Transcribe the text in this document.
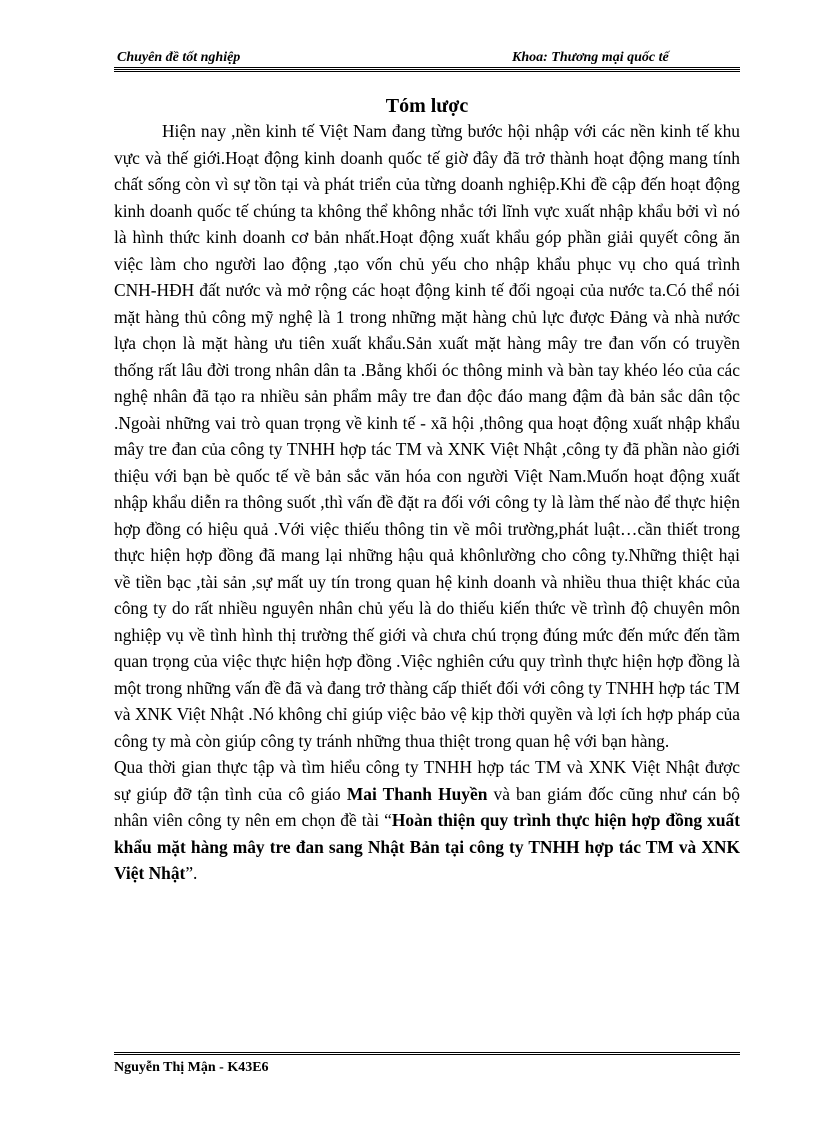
Chuyên đề tốt nghiệp	Khoa: Thương mại quốc tế
Tóm lược

Hiện nay ,nền kinh tế Việt Nam đang từng bước hội nhập với các nền kinh tế khu vực và thế giới.Hoạt động kinh doanh quốc tế giờ đây đã trở thành hoạt động mang tính chất sống còn vì sự tồn tại và phát triển của từng doanh nghiệp.Khi đề cập đến hoạt động kinh doanh quốc tế chúng ta không thể không nhắc tới lĩnh vực xuất nhập khẩu bởi vì nó là hình thức kinh doanh cơ bản nhất.Hoạt động xuất khẩu góp phần giải quyết công ăn việc làm cho người lao động ,tạo vốn chủ yếu cho nhập khẩu phục vụ cho quá trình CNH-HĐH đất nước và mở rộng các hoạt động kinh tế đối ngoại của nước ta.Có thể nói mặt hàng thủ công mỹ nghệ là 1 trong những mặt hàng chủ lực được Đảng và nhà nước lựa chọn là mặt hàng ưu tiên xuất khẩu.Sản xuất mặt hàng mây tre đan vốn có truyền thống rất lâu đời trong nhân dân ta .Bằng khối óc thông minh và bàn tay khéo léo của các nghệ nhân đã tạo ra nhiều sản phẩm mây tre đan độc đáo mang đậm đà bản sắc dân tộc .Ngoài những vai trò quan trọng về kinh tế - xã hội ,thông qua hoạt động xuất nhập khẩu mây tre đan của công ty TNHH hợp tác TM và XNK Việt Nhật ,công ty đã phần nào giới thiệu với bạn bè quốc tế về bản sắc văn hóa con người Việt Nam.Muốn hoạt động xuất nhập khẩu diễn ra thông suốt ,thì vấn đề đặt ra đối với công ty là làm thế nào để thực hiện hợp đồng có hiệu quả .Với việc thiếu thông tin về môi trường,phát luật…cần thiết trong thực hiện hợp đồng đã mang lại những hậu quả khônlường cho công ty.Những thiệt hại về tiền bạc ,tài sản ,sự mất uy tín trong quan hệ kinh doanh và nhiều thua thiệt khác của công ty do rất nhiều nguyên nhân chủ yếu là do thiếu kiến thức về trình độ chuyên môn nghiệp vụ về tình hình thị trường thế giới và chưa chú trọng đúng mức đến mức đến tầm quan trọng của việc thực hiện hợp đồng .Việc nghiên cứu quy trình thực hiện hợp đồng là một trong những vấn đề đã và đang trở thàng cấp thiết đối với công ty TNHH hợp tác TM và XNK Việt Nhật .Nó không chỉ giúp việc bảo vệ kịp thời quyền và lợi ích hợp pháp của công ty mà còn giúp công ty tránh những thua thiệt trong quan hệ với bạn hàng.

Qua thời gian thực tập và tìm hiểu công ty TNHH hợp tác TM và XNK Việt Nhật được sự giúp đỡ tận tình của cô giáo Mai Thanh Huyền và ban giám đốc cũng như cán bộ nhân viên công ty nên em chọn đề tài “Hoàn thiện quy trình thực hiện hợp đồng xuất khẩu mặt hàng mây tre đan sang Nhật Bản tại công ty TNHH hợp tác TM và XNK Việt Nhật”.

Nguyễn Thị Mận - K43E6
